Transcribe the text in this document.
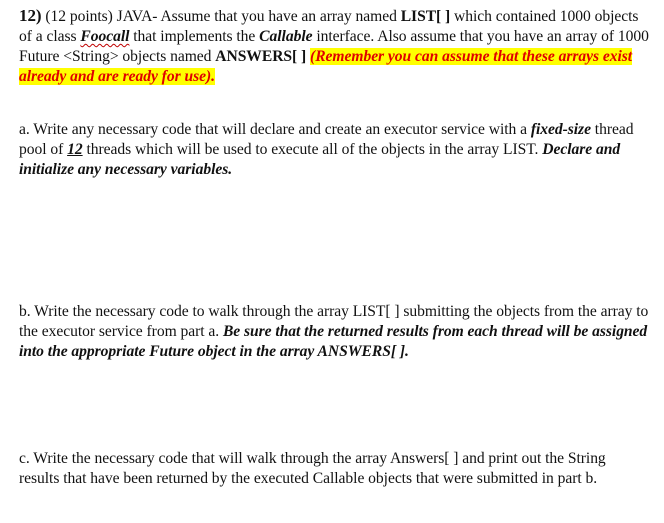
12) (12 points) JAVA- Assume that you have an array named LIST[ ] which contained 1000 objects of a class Foocall that implements the Callable interface. Also assume that you have an array of 1000 Future <String> objects named ANSWERS[ ] (Remember you can assume that these arrays exist already and are ready for use).

a. Write any necessary code that will declare and create an executor service with a fixed-size thread pool of 12 threads which will be used to execute all of the objects in the array LIST. Declare and initialize any necessary variables.

b. Write the necessary code to walk through the array LIST[ ] submitting the objects from the array to the executor service from part a. Be sure that the returned results from each thread will be assigned into the appropriate Future object in the array ANSWERS[ ].

c. Write the necessary code that will walk through the array Answers[ ] and print out the String results that have been returned by the executed Callable objects that were submitted in part b.
